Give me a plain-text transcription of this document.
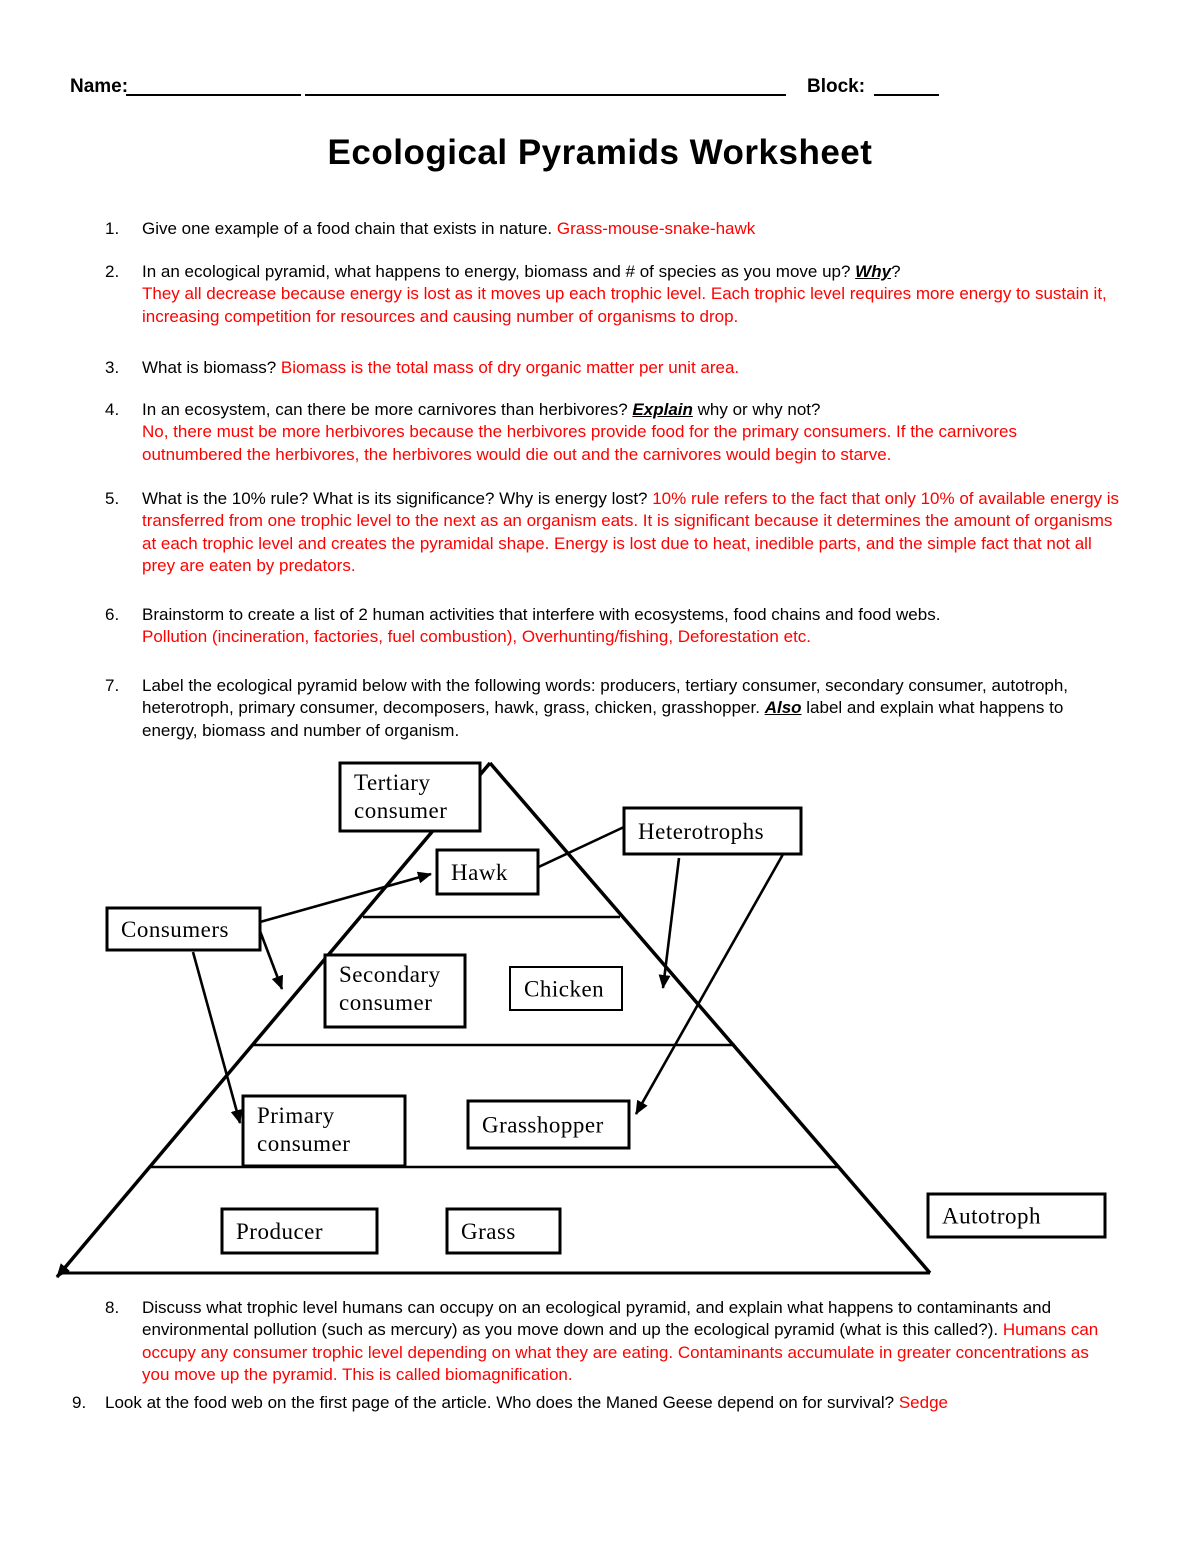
Name:	Block:
Ecological Pyramids Worksheet
1. Give one example of a food chain that exists in nature. Grass-mouse-snake-hawk
2. In an ecological pyramid, what happens to energy, biomass and # of species as you move up? Why?
They all decrease because energy is lost as it moves up each trophic level. Each trophic level requires more energy to sustain it, increasing competition for resources and causing number of organisms to drop.
3. What is biomass? Biomass is the total mass of dry organic matter per unit area.
4. In an ecosystem, can there be more carnivores than herbivores? Explain why or why not?
No, there must be more herbivores because the herbivores provide food for the primary consumers. If the carnivores outnumbered the herbivores, the herbivores would die out and the carnivores would begin to starve.
5. What is the 10% rule? What is its significance? Why is energy lost? 10% rule refers to the fact that only 10% of available energy is transferred from one trophic level to the next as an organism eats. It is significant because it determines the amount of organisms at each trophic level and creates the pyramidal shape. Energy is lost due to heat, inedible parts, and the simple fact that not all prey are eaten by predators.
6. Brainstorm to create a list of 2 human activities that interfere with ecosystems, food chains and food webs.
Pollution (incineration, factories, fuel combustion), Overhunting/fishing, Deforestation etc.
7. Label the ecological pyramid below with the following words: producers, tertiary consumer, secondary consumer, autotroph, heterotroph, primary consumer, decomposers, hawk, grass, chicken, grasshopper. Also label and explain what happens to energy, biomass and number of organism.
8. Discuss what trophic level humans can occupy on an ecological pyramid, and explain what happens to contaminants and environmental pollution (such as mercury) as you move down and up the ecological pyramid (what is this called?). Humans can occupy any consumer trophic level depending on what they are eating. Contaminants accumulate in greater concentrations as you move up the pyramid. This is called biomagnification.
9. Look at the food web on the first page of the article. Who does the Maned Geese depend on for survival? Sedge
Tertiary
consumer
Heterotrophs
Hawk
Consumers
Secondary
consumer
Chicken
Primary
consumer
Grasshopper
Producer	Grass
Autotroph
